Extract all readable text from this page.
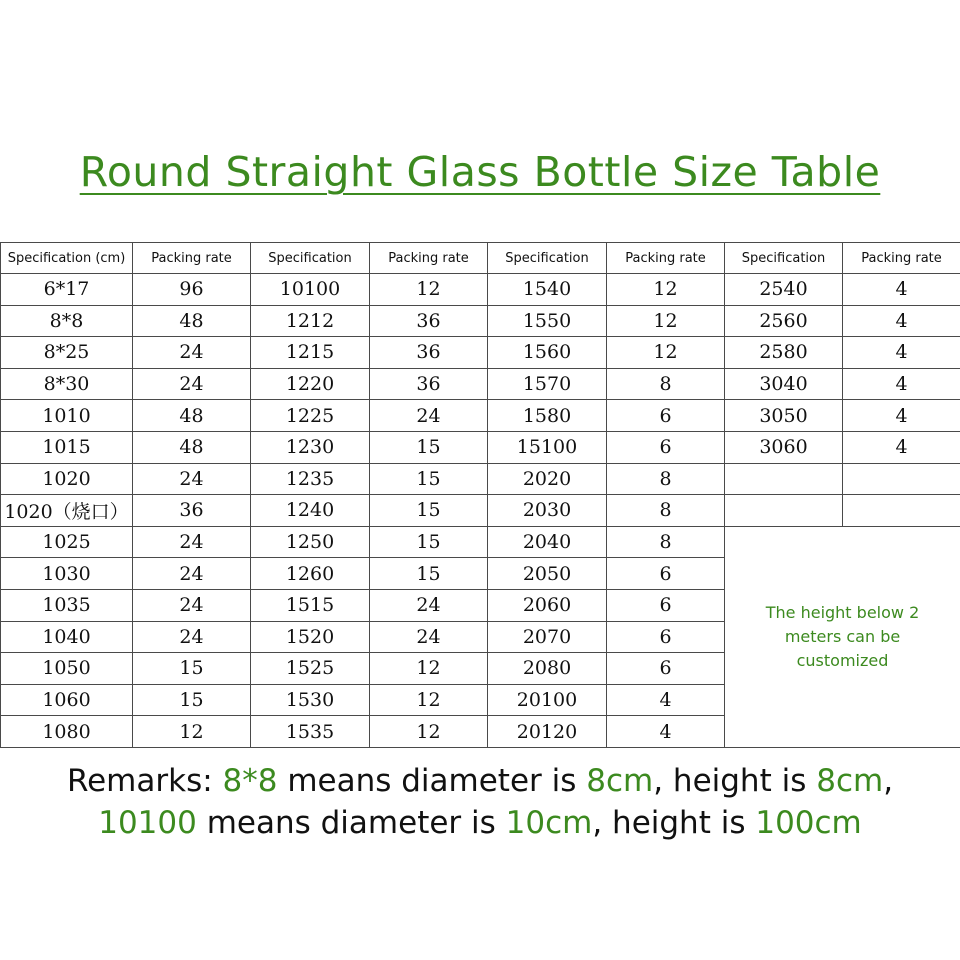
Round Straight Glass Bottle Size Table
Specification (cm)	Packing rate	Specification	Packing rate	Specification	Packing rate	Specification	Packing rate
6*17	96	10100	12	1540	12	2540	4
8*8	48	1212	36	1550	12	2560	4
8*25	24	1215	36	1560	12	2580	4
8*30	24	1220	36	1570	8	3040	4
1010	48	1225	24	1580	6	3050	4
1015	48	1230	15	15100	6	3060	4
1020	24	1235	15	2020	8		
1020（烧口）	36	1240	15	2030	8		
1025	24	1250	15	2040	8	The height below 2 meters can be customized	
1030	24	1260	15	2050	6		
1035	24	1515	24	2060	6		
1040	24	1520	24	2070	6		
1050	15	1525	12	2080	6		
1060	15	1530	12	20100	4		
1080	12	1535	12	20120	4		
Remarks: 8*8 means diameter is 8cm, height is 8cm,
10100 means diameter is 10cm, height is 100cm
